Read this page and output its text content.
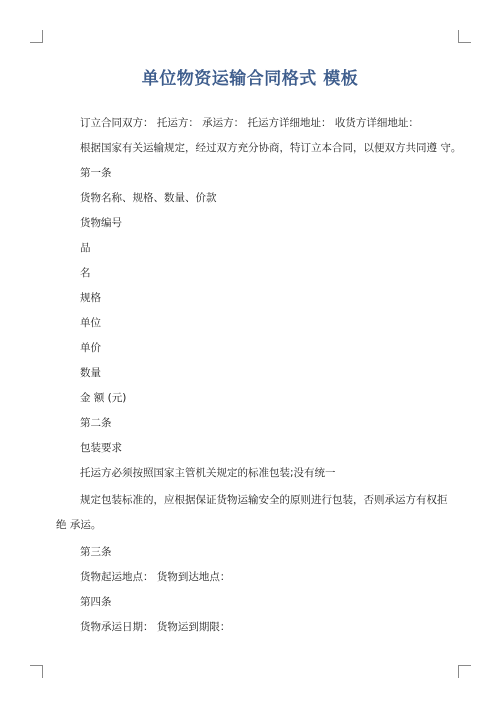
单位物资运输合同格式 模板

订立合同双方： 托运方： 承运方： 托运方详细地址： 收货方详细地址：

根据国家有关运输规定，经过双方充分协商，特订立本合同，以便双方共同遵 守。

第一条

货物名称、规格、数量、价款

货物编号

品

名

规格

单位

单价

数量

金 额 (元)

第二条

包装要求

托运方必须按照国家主管机关规定的标准包装;没有统一

规定包装标准的，应根据保证货物运输安全的原则进行包装，否则承运方有权拒

绝 承运。

第三条

货物起运地点： 货物到达地点：

第四条

货物承运日期： 货物运到期限：
